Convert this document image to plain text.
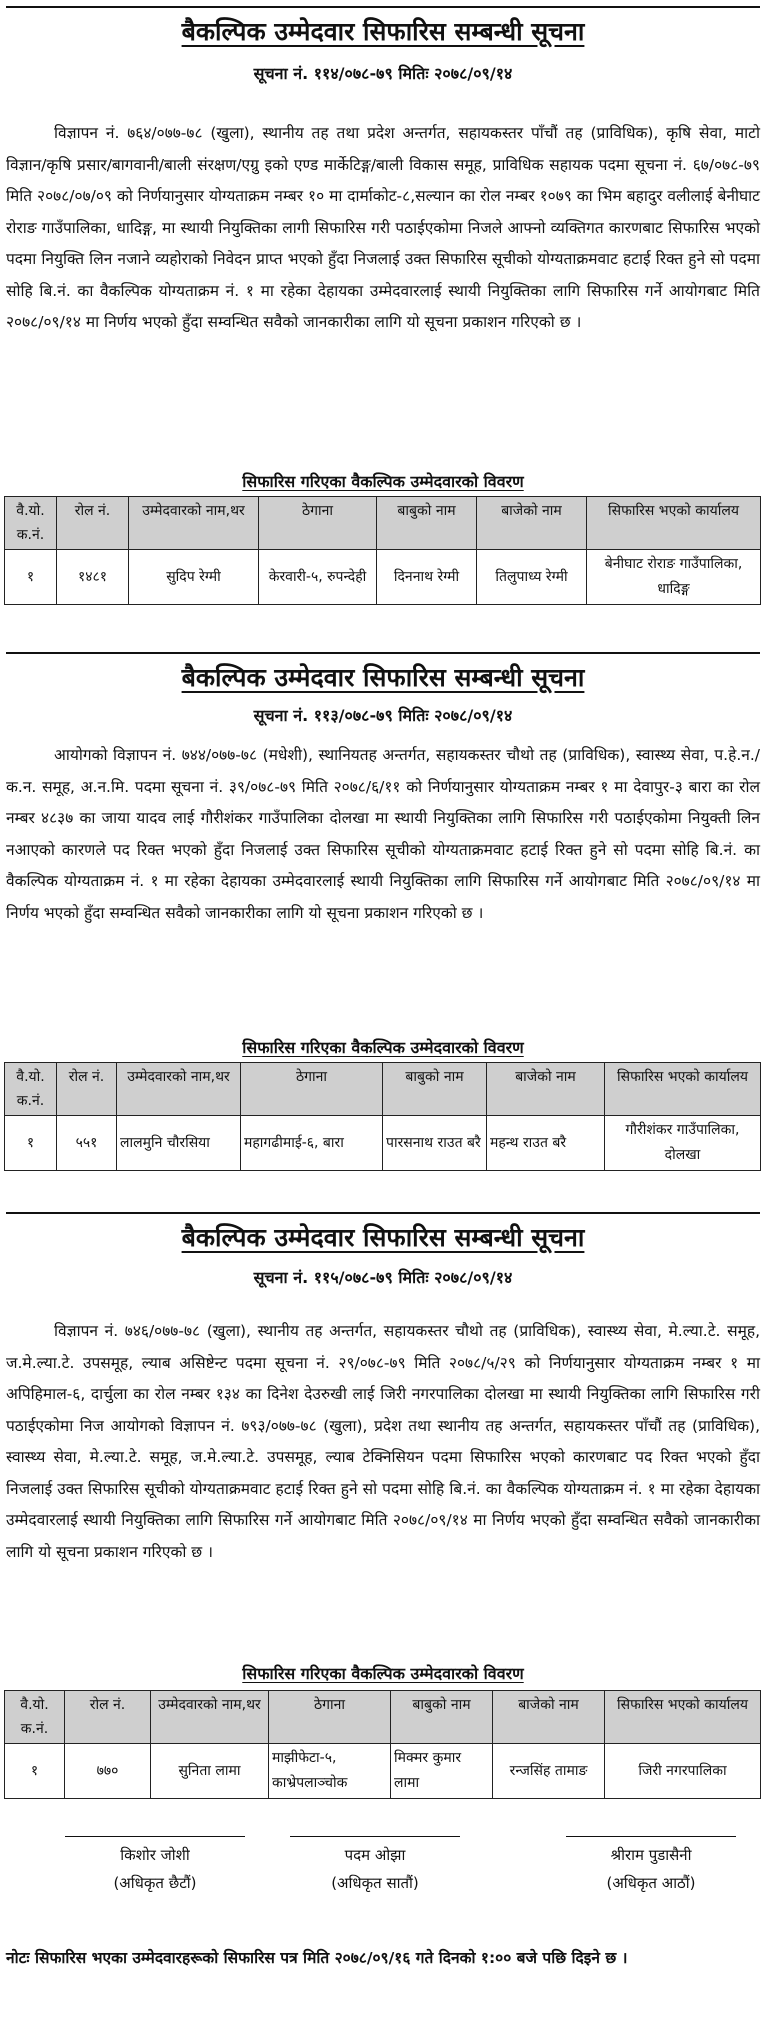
बैकल्पिक उम्मेदवार सिफारिस सम्बन्धी सूचना
सूचना नं. ११४/०७८-७९ मितिः २०७८/०९/१४
विज्ञापन नं. ७६४/०७७-७८ (खुला), स्थानीय तह तथा प्रदेश अन्तर्गत, सहायकस्तर पाँचौं तह (प्राविधिक), कृषि सेवा, माटो विज्ञान/कृषि प्रसार/बागवानी/बाली संरक्षण/एग्रु इको एण्ड मार्केटिङ्ग/बाली विकास समूह, प्राविधिक सहायक पदमा सूचना नं. ६७/०७८-७९ मिति २०७८/०७/०९ को निर्णयानुसार योग्यताक्रम नम्बर १० मा दार्माकोट-८,सल्यान का रोल नम्बर १०७९ का भिम बहादुर वलीलाई बेनीघाट रोराङ गाउँपालिका, धादिङ्ग, मा स्थायी नियुक्तिका लागी सिफारिस गरी पठाईएकोमा निजले आफ्नो व्यक्तिगत कारणबाट सिफारिस भएको पदमा नियुक्ति लिन नजाने व्यहोराको निवेदन प्राप्त भएको हुँदा निजलाई उक्त सिफारिस सूचीको योग्यताक्रमवाट हटाई रिक्त हुने सो पदमा सोहि बि.नं. का वैकल्पिक योग्यताक्रम नं. १ मा रहेका देहायका उम्मेदवारलाई स्थायी नियुक्तिका लागि सिफारिस गर्ने आयोगबाट मिति २०७८/०९/१४ मा निर्णय भएको हुँदा सम्वन्धित सवैको जानकारीका लागि यो सूचना प्रकाशन गरिएको छ ।
सिफारिस गरिएका वैकल्पिक उम्मेदवारको विवरण
वै.यो. क.नं.	रोल नं.	उम्मेदवारको नाम,थर	ठेगाना	बाबुको नाम	बाजेको नाम	सिफारिस भएको कार्यालय
१	१४८१	सुदिप रेग्मी	केरवारी-५, रुपन्देही	दिननाथ रेग्मी	तिलुपाध्य रेग्मी	बेनीघाट रोराङ गाउँपालिका, धादिङ्ग
बैकल्पिक उम्मेदवार सिफारिस सम्बन्धी सूचना
सूचना नं. ११३/०७८-७९ मितिः २०७८/०९/१४
आयोगको विज्ञापन नं. ७४४/०७७-७८ (मधेशी), स्थानियतह अन्तर्गत, सहायकस्तर चौथो तह (प्राविधिक), स्वास्थ्य सेवा, प.हे.न./क.न. समूह, अ.न.मि. पदमा सूचना नं. ३९/०७८-७९ मिति २०७८/६/११ को निर्णयानुसार योग्यताक्रम नम्बर १ मा देवापुर-३ बारा का रोल नम्बर ४८३७ का जाया यादव लाई गौरीशंकर गाउँपालिका दोलखा मा स्थायी नियुक्तिका लागि सिफारिस गरी पठाईएकोमा नियुक्ती लिन नआएको कारणले पद रिक्त भएको हुँदा निजलाई उक्त सिफारिस सूचीको योग्यताक्रमवाट हटाई रिक्त हुने सो पदमा सोहि बि.नं. का वैकल्पिक योग्यताक्रम नं. १ मा रहेका देहायका उम्मेदवारलाई स्थायी नियुक्तिका लागि सिफारिस गर्ने आयोगबाट मिति २०७८/०९/१४ मा निर्णय भएको हुँदा सम्वन्धित सवैको जानकारीका लागि यो सूचना प्रकाशन गरिएको छ ।
सिफारिस गरिएका वैकल्पिक उम्मेदवारको विवरण
वै.यो. क.नं.	रोल नं.	उम्मेदवारको नाम,थर	ठेगाना	बाबुको नाम	बाजेको नाम	सिफारिस भएको कार्यालय
१	५५१	लालमुनि चौरसिया	महागढीमाई-६, बारा	पारसनाथ राउत बरै	महन्थ राउत बरै	गौरीशंकर गाउँपालिका, दोलखा
बैकल्पिक उम्मेदवार सिफारिस सम्बन्धी सूचना
सूचना नं. ११५/०७८-७९ मितिः २०७८/०९/१४
विज्ञापन नं. ७४६/०७७-७८ (खुला), स्थानीय तह अन्तर्गत, सहायकस्तर चौथो तह (प्राविधिक), स्वास्थ्य सेवा, मे.ल्या.टे. समूह, ज.मे.ल्या.टे. उपसमूह, ल्याब असिष्टेन्ट पदमा सूचना नं. २९/०७८-७९ मिति २०७८/५/२९ को निर्णयानुसार योग्यताक्रम नम्बर १ मा अपिहिमाल-६, दार्चुला का रोल नम्बर १३४ का दिनेश देउरुखी लाई जिरी नगरपालिका दोलखा मा स्थायी नियुक्तिका लागि सिफारिस गरी पठाईएकोमा निज आयोगको विज्ञापन नं. ७९३/०७७-७८ (खुला), प्रदेश तथा स्थानीय तह अन्तर्गत, सहायकस्तर पाँचौं तह (प्राविधिक), स्वास्थ्य सेवा, मे.ल्या.टे. समूह, ज.मे.ल्या.टे. उपसमूह, ल्याब टेक्निसियन पदमा सिफारिस भएको कारणबाट पद रिक्त भएको हुँदा निजलाई उक्त सिफारिस सूचीको योग्यताक्रमवाट हटाई रिक्त हुने सो पदमा सोहि बि.नं. का वैकल्पिक योग्यताक्रम नं. १ मा रहेका देहायका उम्मेदवारलाई स्थायी नियुक्तिका लागि सिफारिस गर्ने आयोगबाट मिति २०७८/०९/१४ मा निर्णय भएको हुँदा सम्वन्धित सवैको जानकारीका लागि यो सूचना प्रकाशन गरिएको छ ।
सिफारिस गरिएका वैकल्पिक उम्मेदवारको विवरण
वै.यो. क.नं.	रोल नं.	उम्मेदवारको नाम,थर	ठेगाना	बाबुको नाम	बाजेको नाम	सिफारिस भएको कार्यालय
१	७७०	सुनिता लामा	माझीफेटा-५, काभ्रेपलाञ्चोक	मिक्मर कुमार लामा	रन्जसिंह तामाङ	जिरी नगरपालिका
किशोर जोशी
(अधिकृत छैटौं)
पदम ओझा
(अधिकृत सातौं)
श्रीराम पुडासैनी
(अधिकृत आठौं)
नोटः सिफारिस भएका उम्मेदवारहरूको सिफारिस पत्र मिति २०७८/०९/१६ गते दिनको १:०० बजे पछि दिइने छ ।
